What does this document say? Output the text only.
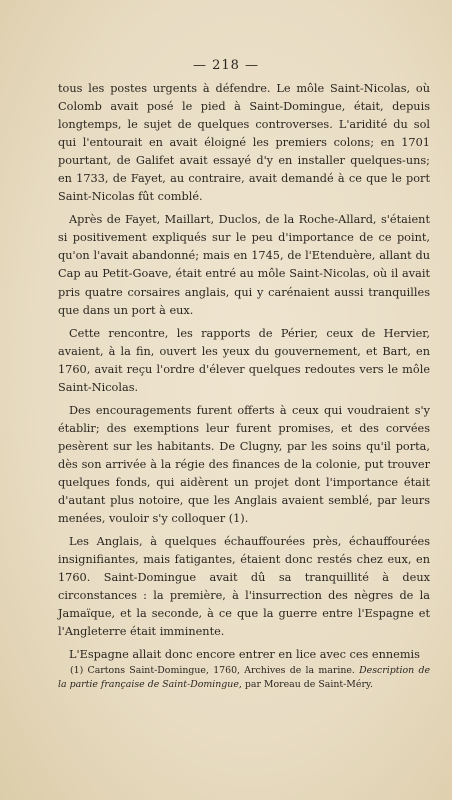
— 218 —

tous les postes urgents à défendre. Le môle Saint-Nicolas, où Colomb avait posé le pied à Saint-Domingue, était, depuis longtemps, le sujet de quelques controverses. L'aridité du sol qui l'entourait en avait éloigné les premiers colons; en 1701 pourtant, de Galifet avait essayé d'y en installer quelques-uns; en 1733, de Fayet, au contraire, avait demandé à ce que le port Saint-Nicolas fût comblé.

Après de Fayet, Maillart, Duclos, de la Roche-Allard, s'étaient si positivement expliqués sur le peu d'importance de ce point, qu'on l'avait abandonné; mais en 1745, de l'Etenduère, allant du Cap au Petit-Goave, était entré au môle Saint-Nicolas, où il avait pris quatre corsaires anglais, qui y carénaient aussi tranquilles que dans un port à eux.

Cette rencontre, les rapports de Périer, ceux de Hervier, avaient, à la fin, ouvert les yeux du gouvernement, et Bart, en 1760, avait reçu l'ordre d'élever quelques redoutes vers le môle Saint-Nicolas.

Des encouragements furent offerts à ceux qui voudraient s'y établir; des exemptions leur furent promises, et des corvées pesèrent sur les habitants. De Clugny, par les soins qu'il porta, dès son arrivée à la régie des finances de la colonie, put trouver quelques fonds, qui aidèrent un projet dont l'importance était d'autant plus notoire, que les Anglais avaient semblé, par leurs menées, vouloir s'y colloquer (1).

Les Anglais, à quelques échauffourées près, échauffourées insignifiantes, mais fatigantes, étaient donc restés chez eux, en 1760. Saint-Domingue avait dû sa tranquillité à deux circonstances : la première, à l'insurrection des nègres de la Jamaïque, et la seconde, à ce que la guerre entre l'Espagne et l'Angleterre était imminente.

L'Espagne allait donc encore entrer en lice avec ces ennemis

(1) Cartons Saint-Domingue, 1760, Archives de la marine. Description de la partie française de Saint-Domingue, par Moreau de Saint-Méry.
